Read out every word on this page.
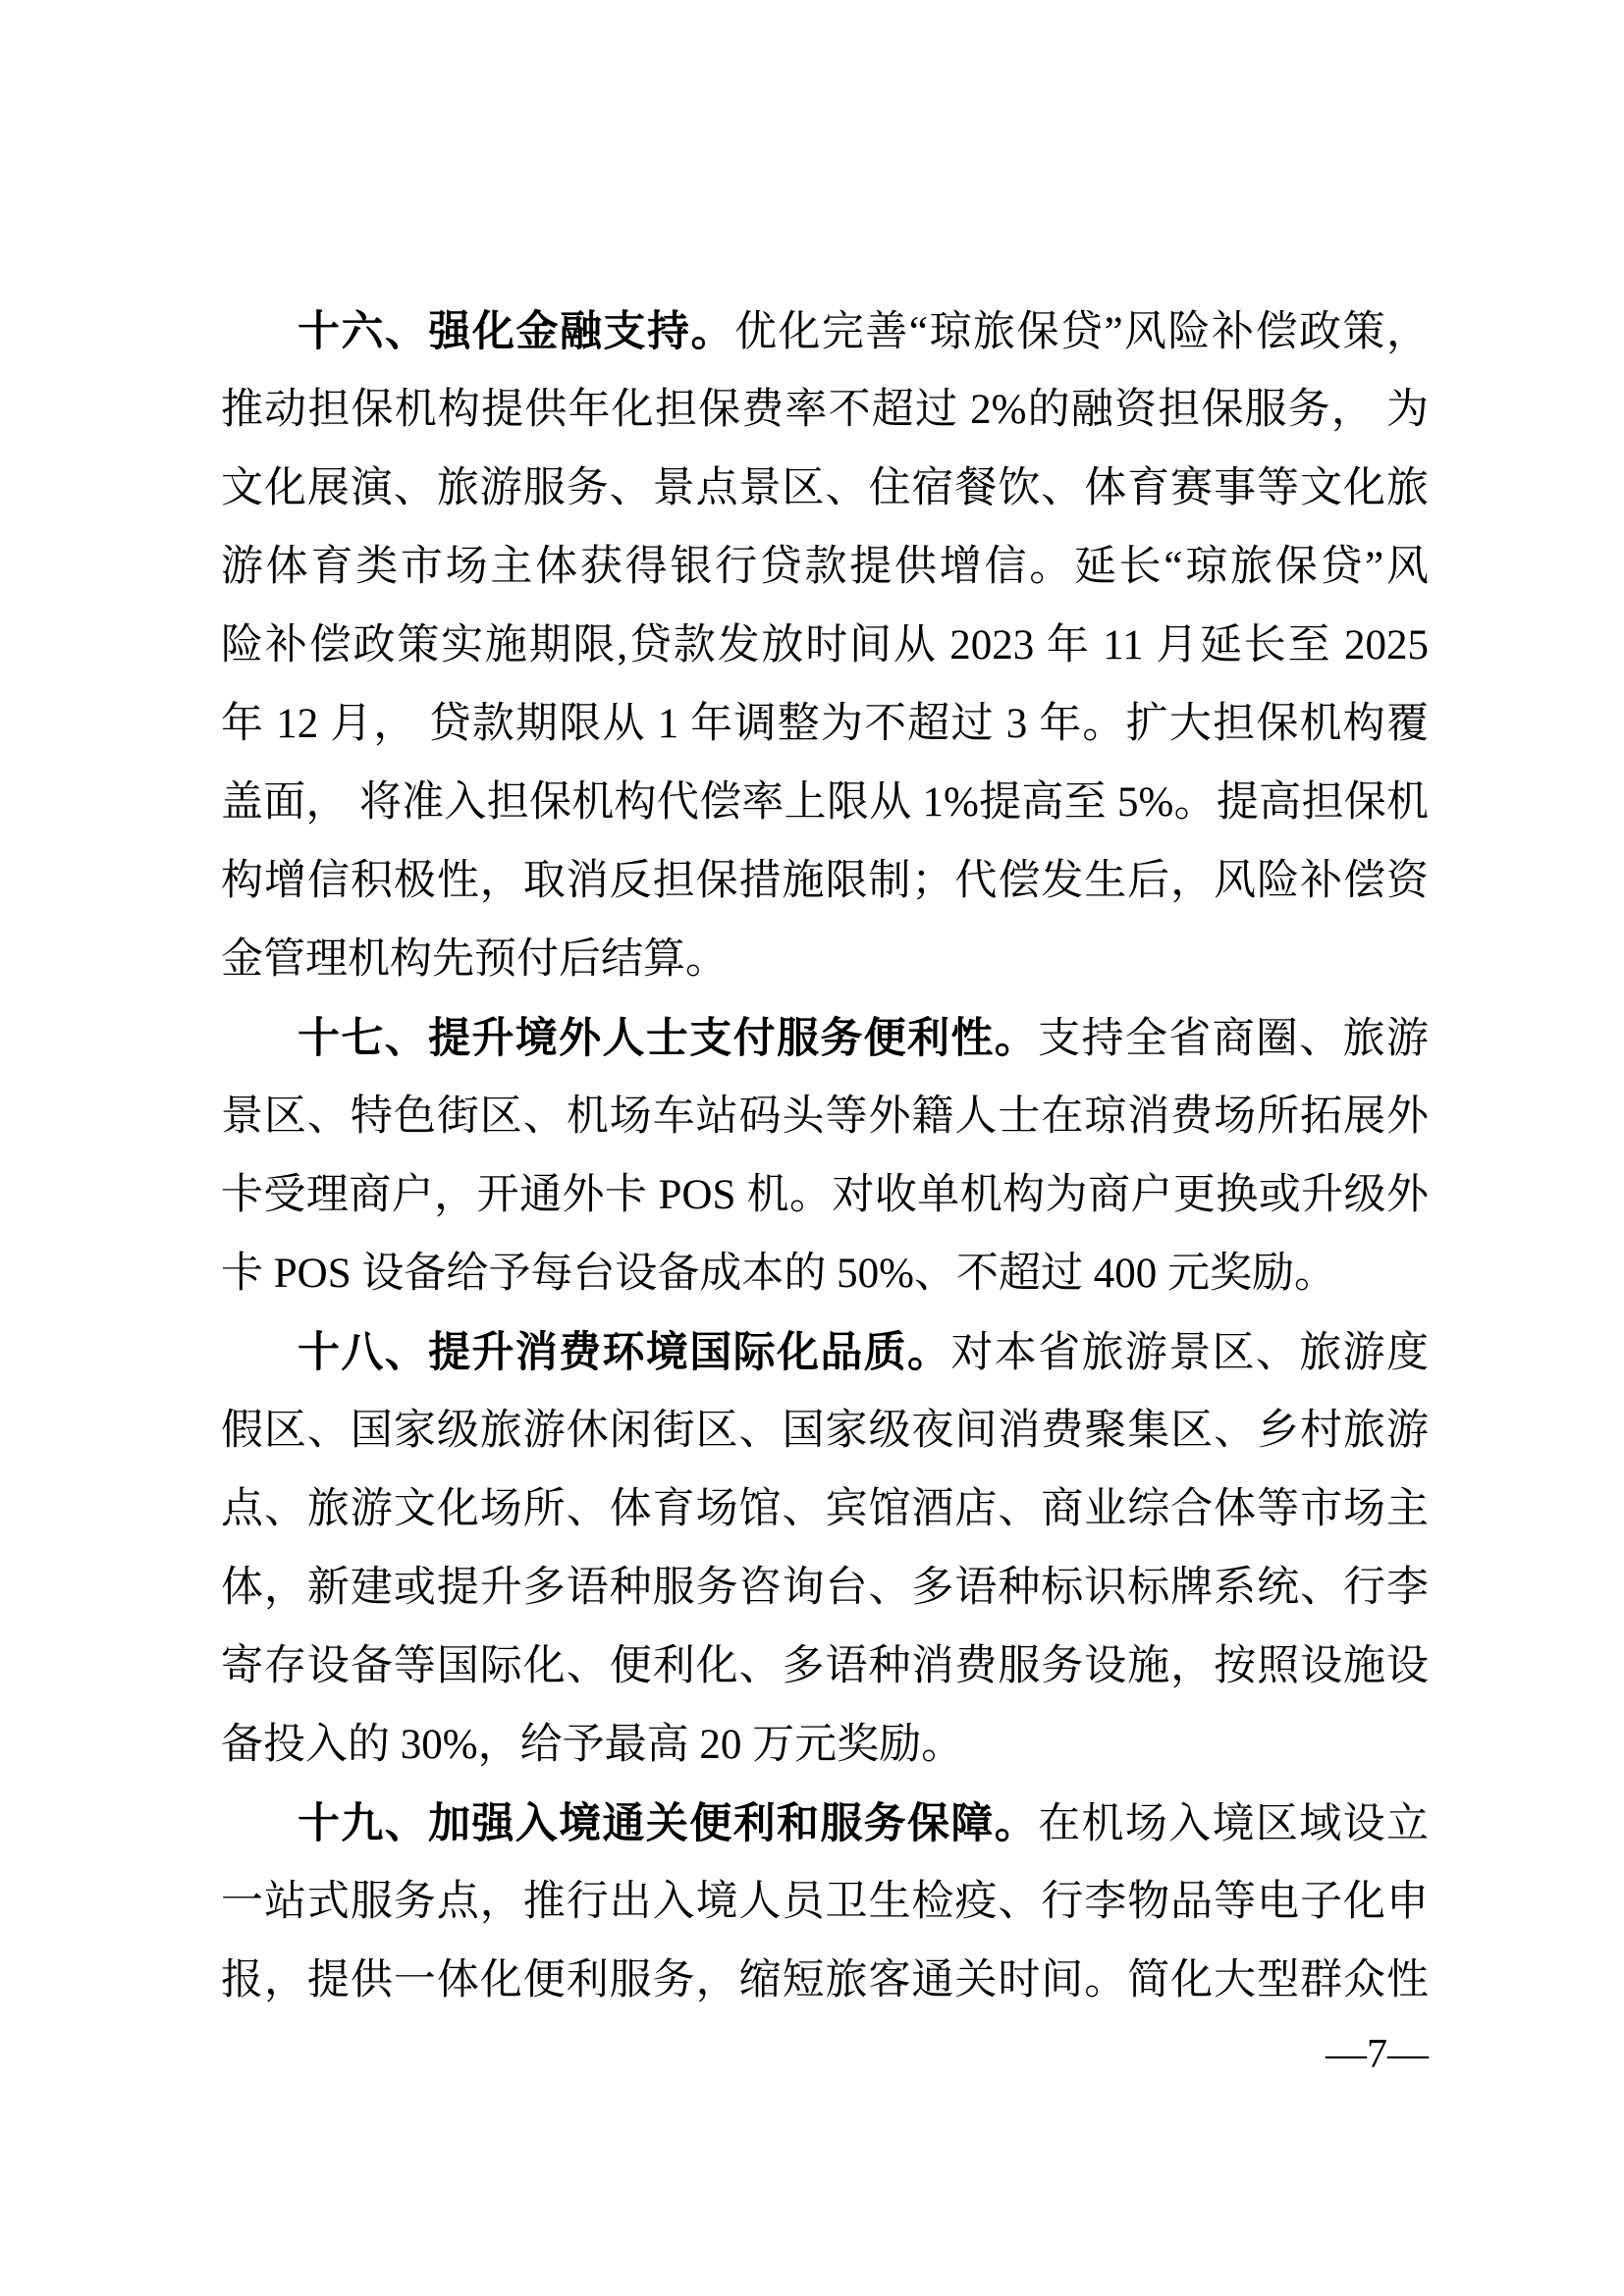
十六、强化金融支持。优化完善“琼旅保贷”风险补偿政策，
推动担保机构提供年化担保费率不超过 2%的融资担保服务， 为
文化展演、旅游服务、景点景区、住宿餐饮、体育赛事等文化旅
游体育类市场主体获得银行贷款提供增信。延长“琼旅保贷”风
险补偿政策实施期限,贷款发放时间从 2023 年 11 月延长至 2025
年 12 月， 贷款期限从 1 年调整为不超过 3 年。扩大担保机构覆
盖面， 将准入担保机构代偿率上限从 1%提高至 5%。提高担保机
构增信积极性，取消反担保措施限制；代偿发生后，风险补偿资
金管理机构先预付后结算。
十七、提升境外人士支付服务便利性。支持全省商圈、旅游
景区、特色街区、机场车站码头等外籍人士在琼消费场所拓展外
卡受理商户，开通外卡 POS 机。对收单机构为商户更换或升级外
卡 POS 设备给予每台设备成本的 50%、不超过 400 元奖励。
十八、提升消费环境国际化品质。对本省旅游景区、旅游度
假区、国家级旅游休闲街区、国家级夜间消费聚集区、乡村旅游
点、旅游文化场所、体育场馆、宾馆酒店、商业综合体等市场主
体，新建或提升多语种服务咨询台、多语种标识标牌系统、行李
寄存设备等国际化、便利化、多语种消费服务设施，按照设施设
备投入的 30%，给予最高 20 万元奖励。
十九、加强入境通关便利和服务保障。在机场入境区域设立
一站式服务点，推行出入境人员卫生检疫、行李物品等电子化申
报，提供一体化便利服务，缩短旅客通关时间。简化大型群众性
—7—
